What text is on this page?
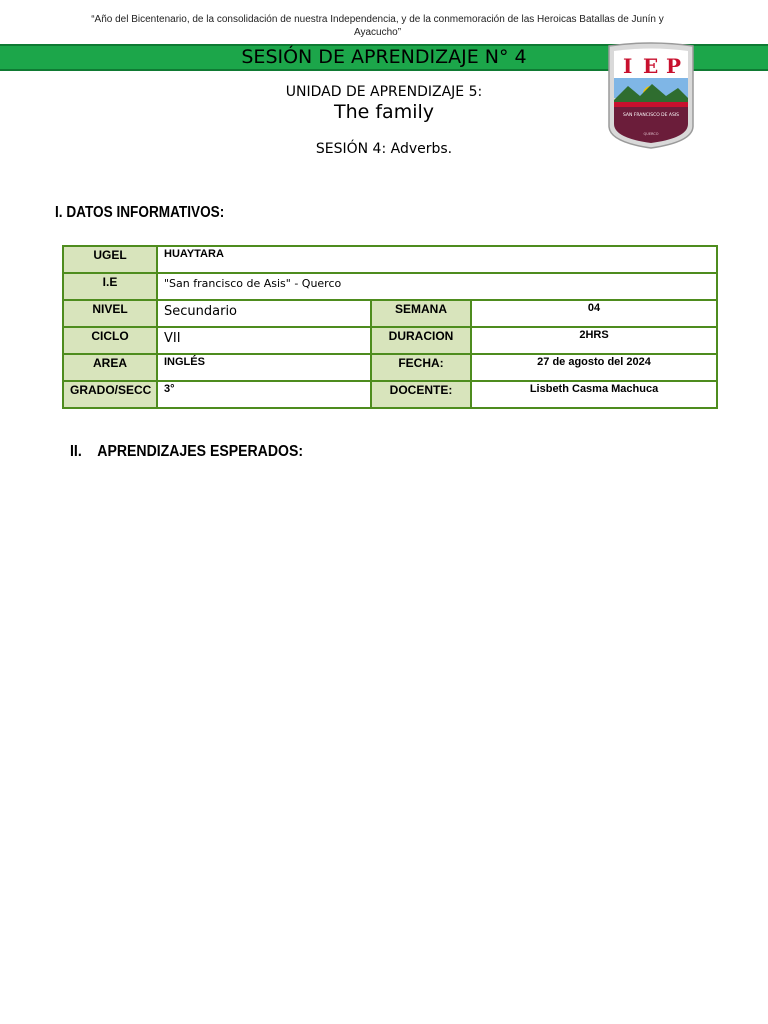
“Año del Bicentenario, de la consolidación de nuestra Independencia, y de la conmemoración de las Heroicas Batallas de Junín y Ayacucho”
SESIÓN DE APRENDIZAJE N° 4	I E P
SAN FRANCISCO DE ASIS
QUERCO
UNIDAD DE APRENDIZAJE 5:
The family
SESIÓN 4: Adverbs.
I. DATOS INFORMATIVOS:
UGEL	HUAYTARA		
I.E	"San francisco de Asis" - Querco		
NIVEL	Secundario	SEMANA	04
CICLO	VII	DURACION	2HRS
AREA	INGLÉS	FECHA:	27 de agosto del 2024
GRADO/SECC	3°	DOCENTE:	Lisbeth Casma Machuca
II. APRENDIZAJES ESPERADOS:
